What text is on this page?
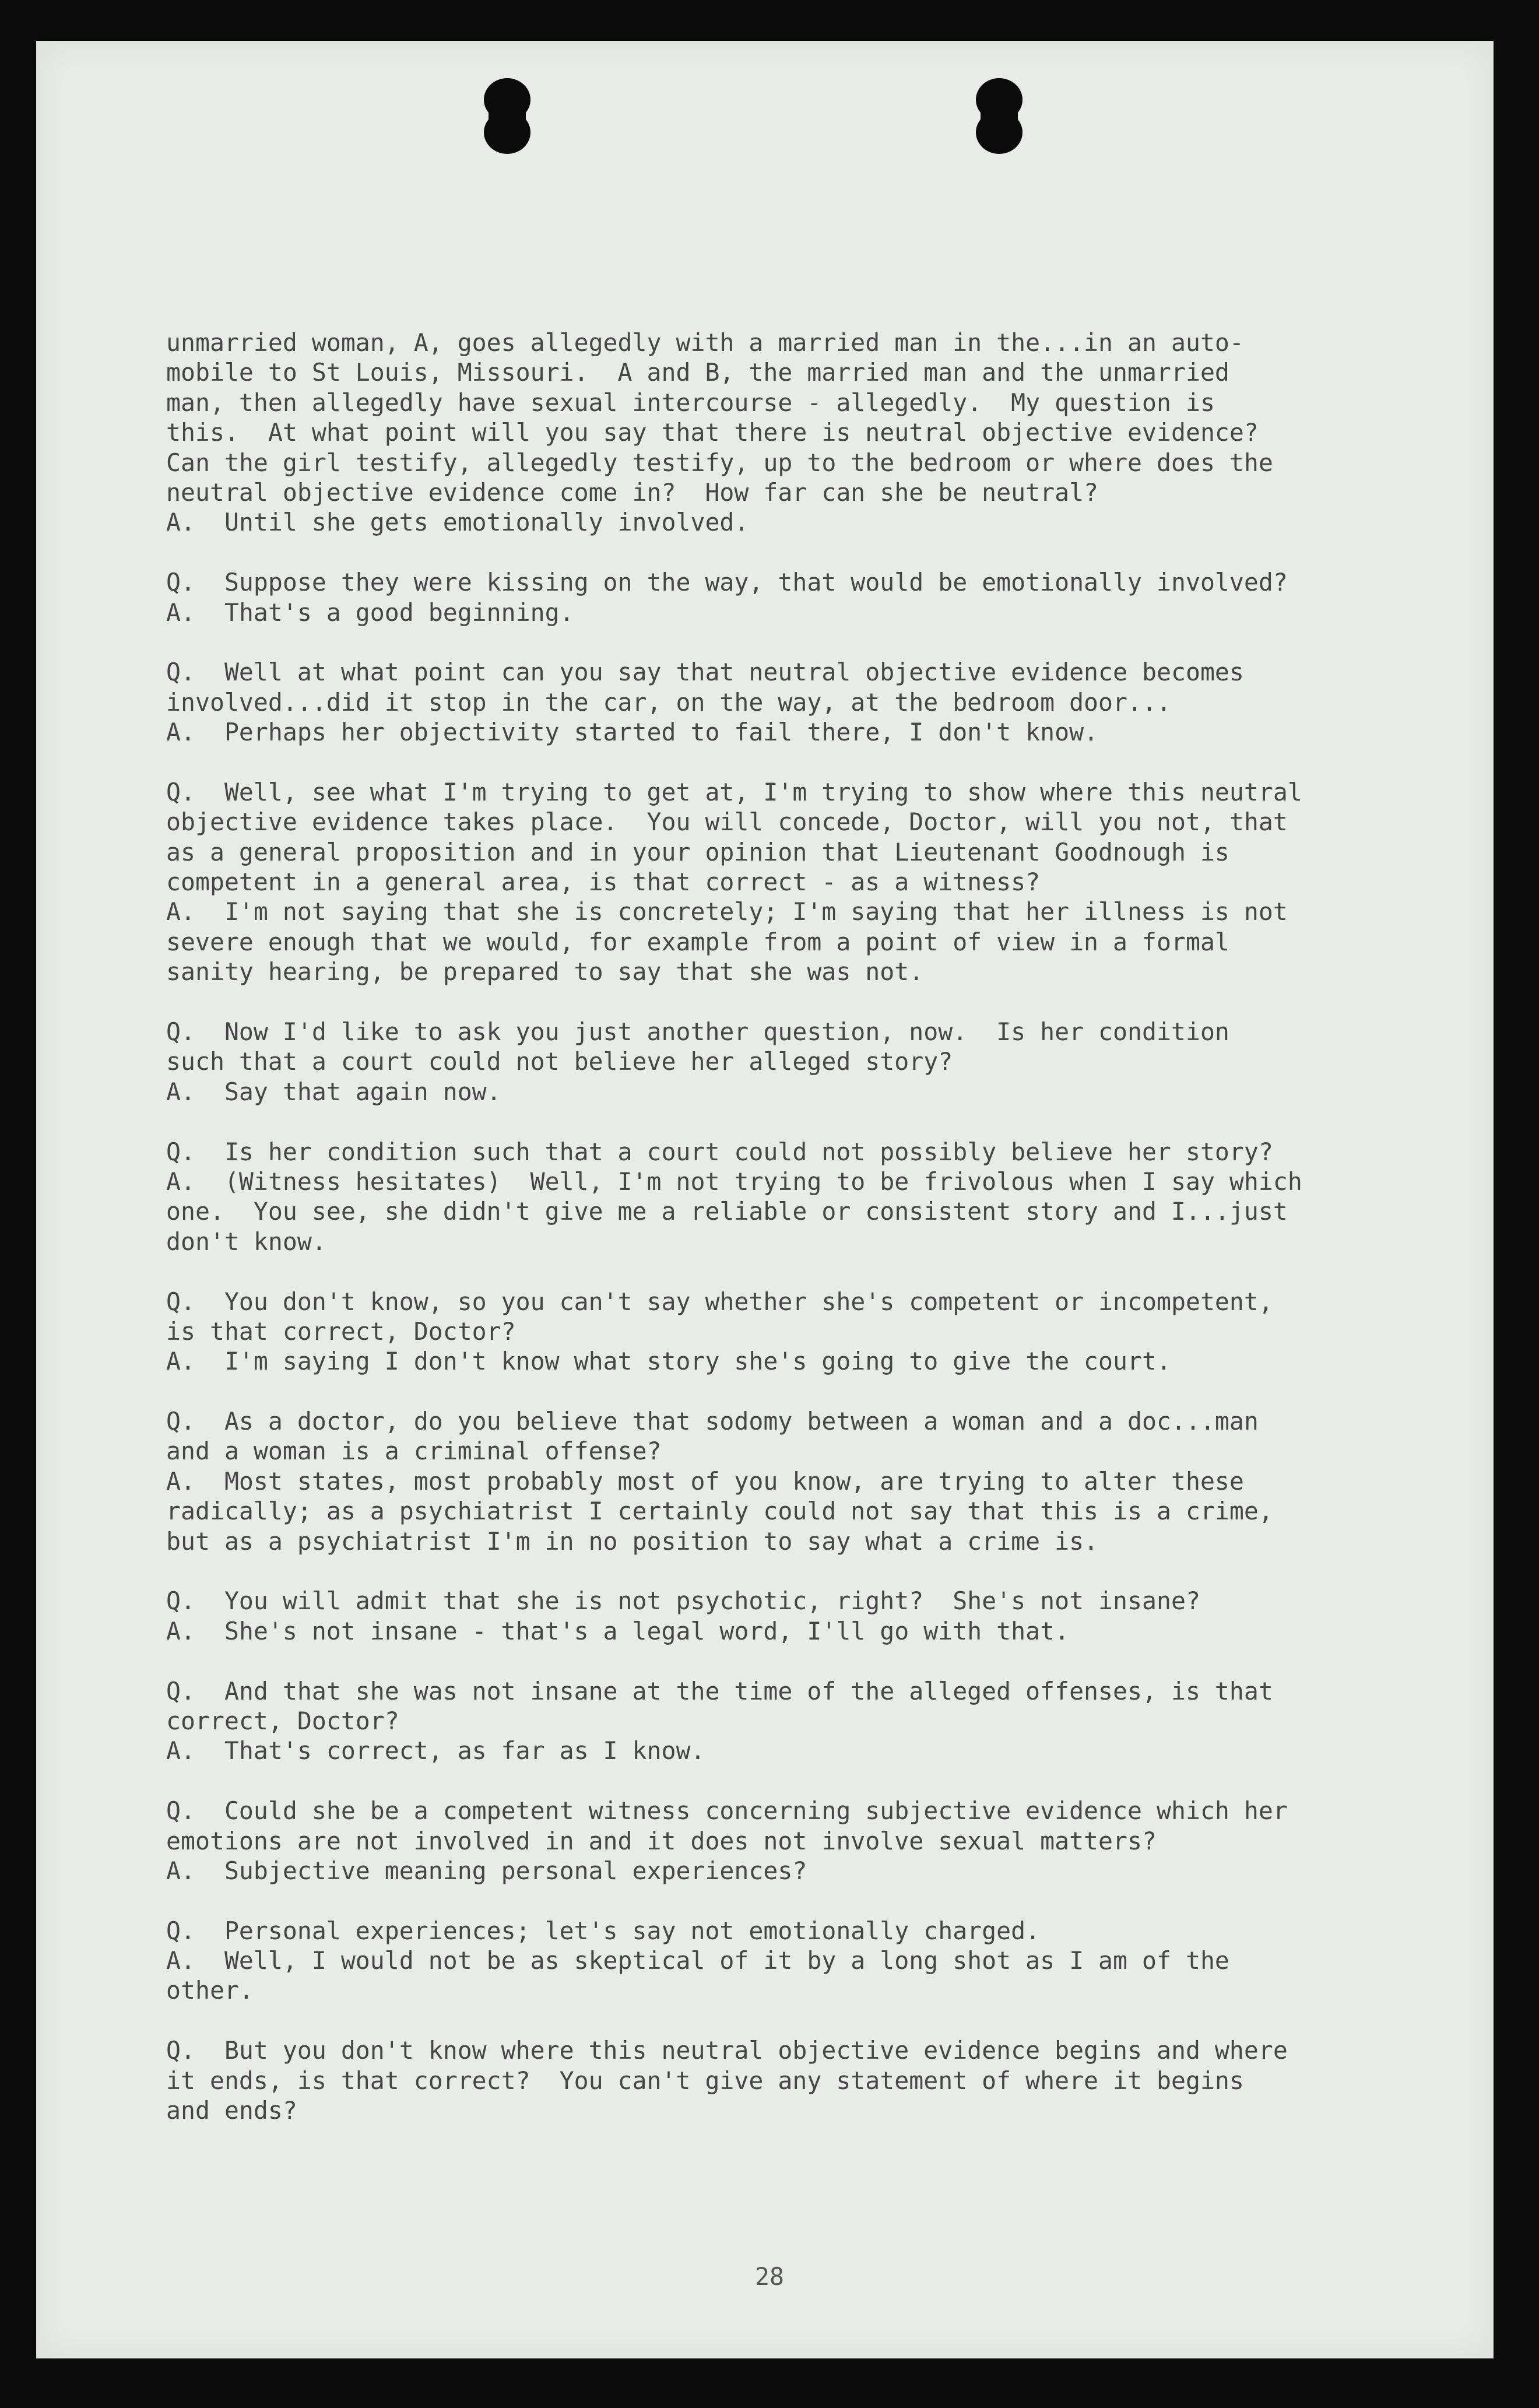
unmarried woman, A, goes allegedly with a married man in the...in an auto-
mobile to St Louis, Missouri.  A and B, the married man and the unmarried
man, then allegedly have sexual intercourse - allegedly.  My question is
this.  At what point will you say that there is neutral objective evidence?
Can the girl testify, allegedly testify, up to the bedroom or where does the
neutral objective evidence come in?  How far can she be neutral?
A.  Until she gets emotionally involved.
Q.  Suppose they were kissing on the way, that would be emotionally involved?
A.  That's a good beginning.
Q.  Well at what point can you say that neutral objective evidence becomes
involved...did it stop in the car, on the way, at the bedroom door...
A.  Perhaps her objectivity started to fail there, I don't know.
Q.  Well, see what I'm trying to get at, I'm trying to show where this neutral
objective evidence takes place.  You will concede, Doctor, will you not, that
as a general proposition and in your opinion that Lieutenant Goodnough is
competent in a general area, is that correct - as a witness?
A.  I'm not saying that she is concretely; I'm saying that her illness is not
severe enough that we would, for example from a point of view in a formal
sanity hearing, be prepared to say that she was not.
Q.  Now I'd like to ask you just another question, now.  Is her condition
such that a court could not believe her alleged story?
A.  Say that again now.
Q.  Is her condition such that a court could not possibly believe her story?
A.  (Witness hesitates)  Well, I'm not trying to be frivolous when I say which
one.  You see, she didn't give me a reliable or consistent story and I...just
don't know.
Q.  You don't know, so you can't say whether she's competent or incompetent,
is that correct, Doctor?
A.  I'm saying I don't know what story she's going to give the court.
Q.  As a doctor, do you believe that sodomy between a woman and a doc...man
and a woman is a criminal offense?
A.  Most states, most probably most of you know, are trying to alter these
radically; as a psychiatrist I certainly could not say that this is a crime,
but as a psychiatrist I'm in no position to say what a crime is.
Q.  You will admit that she is not psychotic, right?  She's not insane?
A.  She's not insane - that's a legal word, I'll go with that.
Q.  And that she was not insane at the time of the alleged offenses, is that
correct, Doctor?
A.  That's correct, as far as I know.
Q.  Could she be a competent witness concerning subjective evidence which her
emotions are not involved in and it does not involve sexual matters?
A.  Subjective meaning personal experiences?
Q.  Personal experiences; let's say not emotionally charged.
A.  Well, I would not be as skeptical of it by a long shot as I am of the
other.
Q.  But you don't know where this neutral objective evidence begins and where
it ends, is that correct?  You can't give any statement of where it begins
and ends?
28
